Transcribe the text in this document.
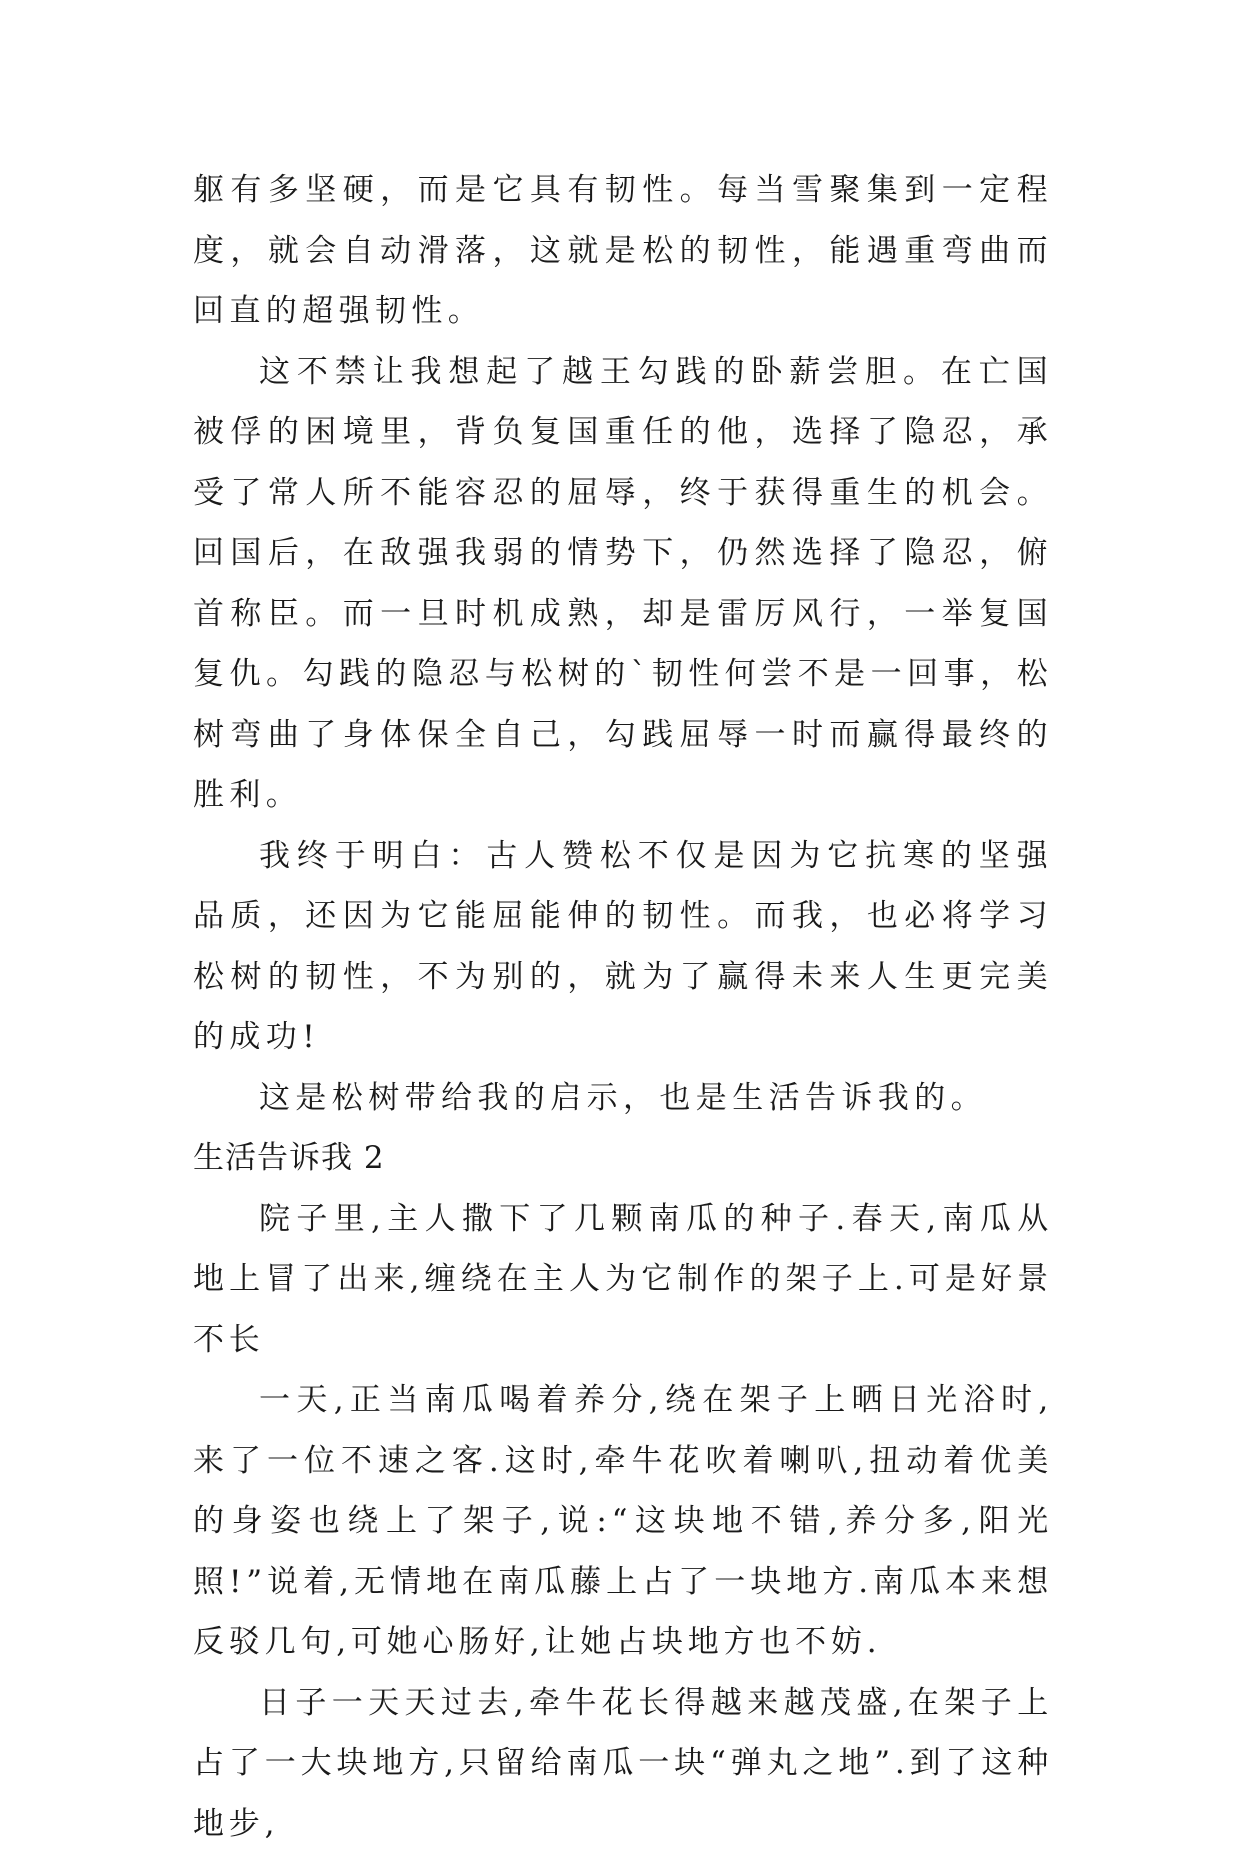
躯有多坚硬，而是它具有韧性。每当雪聚集到一定程度，就会自动滑落，这就是松的韧性，能遇重弯曲而回直的超强韧性。

这不禁让我想起了越王勾践的卧薪尝胆。在亡国被俘的困境里，背负复国重任的他，选择了隐忍，承受了常人所不能容忍的屈辱，终于获得重生的机会。回国后，在敌强我弱的情势下，仍然选择了隐忍，俯首称臣。而一旦时机成熟，却是雷厉风行，一举复国复仇。勾践的隐忍与松树的`韧性何尝不是一回事，松树弯曲了身体保全自己，勾践屈辱一时而赢得最终的胜利。

我终于明白：古人赞松不仅是因为它抗寒的坚强品质，还因为它能屈能伸的韧性。而我，也必将学习松树的韧性，不为别的，就为了赢得未来人生更完美的成功!

这是松树带给我的启示，也是生活告诉我的。

生活告诉我 2

院子里,主人撒下了几颗南瓜的种子.春天,南瓜从地上冒了出来,缠绕在主人为它制作的架子上.可是好景不长

一天,正当南瓜喝着养分,绕在架子上晒日光浴时,来了一位不速之客.这时,牵牛花吹着喇叭,扭动着优美的身姿也绕上了架子,说:“这块地不错,养分多,阳光照!”说着,无情地在南瓜藤上占了一块地方.南瓜本来想反驳几句,可她心肠好,让她占块地方也不妨.

日子一天天过去,牵牛花长得越来越茂盛,在架子上占了一大块地方,只留给南瓜一块“弹丸之地”.到了这种地步,
